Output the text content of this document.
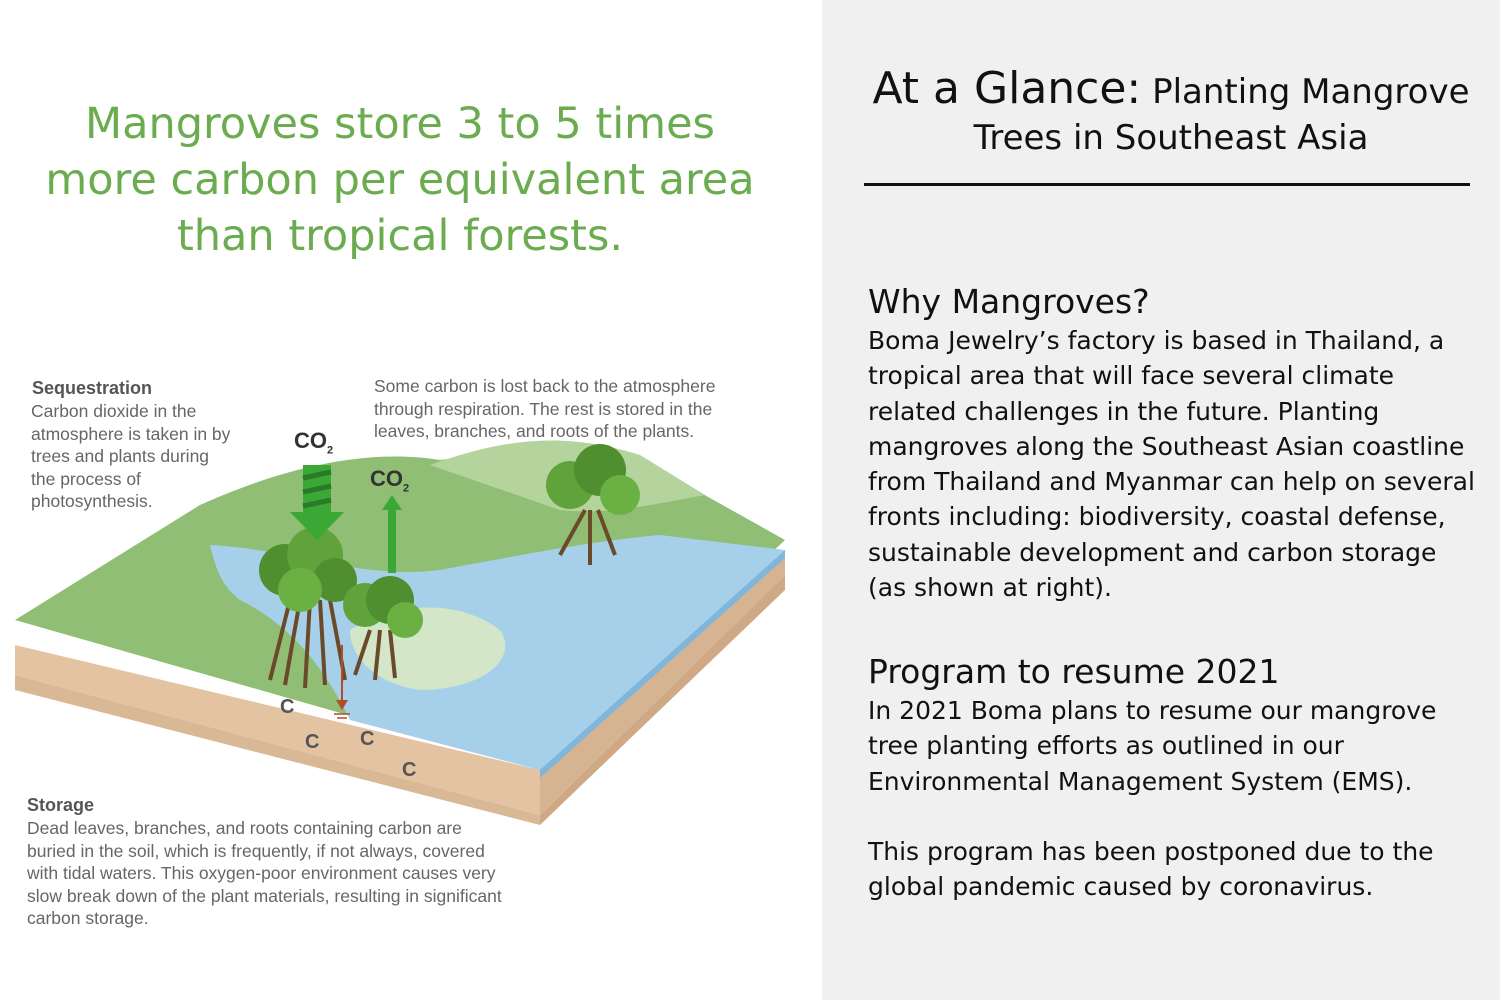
Mangroves store 3 to 5 times more carbon per equivalent area than tropical forests.
C
C C
C
$CO_2$
$CO_2$
Sequestration
Carbon dioxide in the atmosphere is taken in by trees and plants during the process of photosynthesis.
Some carbon is lost back to the atmosphere through respiration. The rest is stored in the leaves, branches, and roots of the plants.
Storage
Dead leaves, branches, and roots containing carbon are buried in the soil, which is frequently, if not always, covered with tidal waters. This oxygen-poor environment causes very slow break down of the plant materials, resulting in significant carbon storage.
At a Glance: Planting Mangrove Trees in Southeast Asia
Why Mangroves?
Boma Jewelry’s factory is based in Thailand, a tropical area that will face several climate related challenges in the future. Planting mangroves along the Southeast Asian coastline from Thailand and Myanmar can help on several fronts including: biodiversity, coastal defense, sustainable development and carbon storage (as shown at right).
Program to resume 2021
In 2021 Boma plans to resume our mangrove tree planting efforts as outlined in our Environmental Management System (EMS).
This program has been postponed due to the global pandemic caused by coronavirus.
